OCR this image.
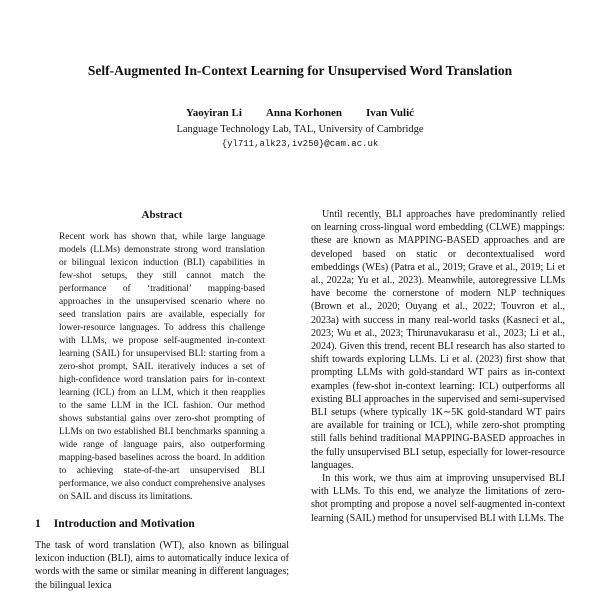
Self-Augmented In-Context Learning for Unsupervised Word Translation
Yaoyiran Li Anna Korhonen Ivan Vulić
Language Technology Lab, TAL, University of Cambridge
{yl711,alk23,iv250}@cam.ac.uk
Abstract

Recent work has shown that, while large language models (LLMs) demonstrate strong word translation or bilingual lexicon induction (BLI) capabilities in few-shot setups, they still cannot match the performance of ‘traditional’ mapping-based approaches in the unsupervised scenario where no seed translation pairs are available, especially for lower-resource languages. To address this challenge with LLMs, we propose self-augmented in-context learning (SAIL) for unsupervised BLI: starting from a zero-shot prompt, SAIL iteratively induces a set of high-confidence word translation pairs for in-context learning (ICL) from an LLM, which it then reapplies to the same LLM in the ICL fashion. Our method shows substantial gains over zero-shot prompting of LLMs on two established BLI benchmarks spanning a wide range of language pairs, also outperforming mapping-based baselines across the board. In addition to achieving state-of-the-art unsupervised BLI performance, we also conduct comprehensive analyses on SAIL and discuss its limitations.

1 Introduction and Motivation

The task of word translation (WT), also known as bilingual lexicon induction (BLI), aims to automatically induce lexica of words with the same or similar meaning in different languages; the bilingual lexica

Until recently, BLI approaches have predominantly relied on learning cross-lingual word embedding (CLWE) mappings: these are known as MAPPING-BASED approaches and are developed based on static or decontextualised word embeddings (WEs) (Patra et al., 2019; Grave et al., 2019; Li et al., 2022a; Yu et al., 2023). Meanwhile, autoregressive LLMs have become the cornerstone of modern NLP techniques (Brown et al., 2020; Ouyang et al., 2022; Touvron et al., 2023a) with success in many real-world tasks (Kasneci et al., 2023; Wu et al., 2023; Thirunavukarasu et al., 2023; Li et al., 2024). Given this trend, recent BLI research has also started to shift towards exploring LLMs. Li et al. (2023) first show that prompting LLMs with gold-standard WT pairs as in-context examples (few-shot in-context learning: ICL) outperforms all existing BLI approaches in the supervised and semi-supervised BLI setups (where typically 1K∼5K gold-standard WT pairs are available for training or ICL), while zero-shot prompting still falls behind traditional MAPPING-BASED approaches in the fully unsupervised BLI setup, especially for lower-resource languages.

In this work, we thus aim at improving unsupervised BLI with LLMs. To this end, we analyze the limitations of zero-shot prompting and propose a novel self-augmented in-context learning (SAIL) method for unsupervised BLI with LLMs. The
